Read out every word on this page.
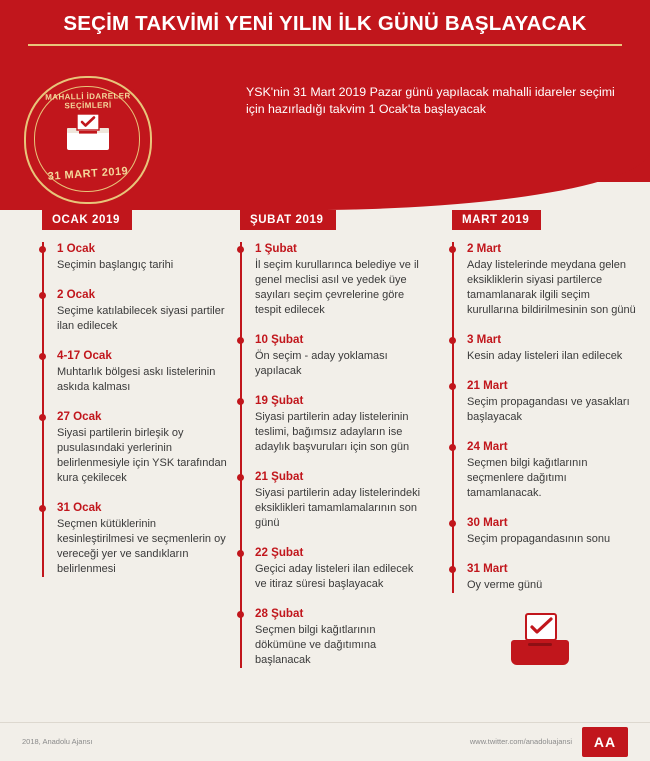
SEÇİM TAKVİMİ YENİ YILIN İLK GÜNÜ BAŞLAYACAK
YSK'nin 31 Mart 2019 Pazar günü yapılacak mahalli idareler seçimi için hazırladığı takvim 1 Ocak'ta başlayacak
MAHALLİ İDARELER SEÇİMLERİ
31 MART 2019
OCAK 2019
1 Ocak
Seçimin başlangıç tarihi
2 Ocak
Seçime katılabilecek siyasi partiler ilan edilecek
4-17 Ocak
Muhtarlık bölgesi askı listelerinin askıda kalması
27 Ocak
Siyasi partilerin birleşik oy pusulasındaki yerlerinin belirlenmesiyle için YSK tarafından kura çekilecek
31 Ocak
Seçmen kütüklerinin kesinleştirilmesi ve seçmenlerin oy vereceği yer ve sandıkların belirlenmesi
ŞUBAT 2019
1 Şubat
İl seçim kurullarınca belediye ve il genel meclisi asıl ve yedek üye sayıları seçim çevrelerine göre tespit edilecek
10 Şubat
Ön seçim - aday yoklaması yapılacak
19 Şubat
Siyasi partilerin aday listelerinin teslimi, bağımsız adayların ise adaylık başvuruları için son gün
21 Şubat
Siyasi partilerin aday listelerindeki eksiklikleri tamamlamalarının son günü
22 Şubat
Geçici aday listeleri ilan edilecek ve itiraz süresi başlayacak
28 Şubat
Seçmen bilgi kağıtlarının dökümüne ve dağıtımına başlanacak
MART 2019
2 Mart
Aday listelerinde meydana gelen eksikliklerin siyasi partilerce tamamlanarak ilgili seçim kurullarına bildirilmesinin son günü
3 Mart
Kesin aday listeleri ilan edilecek
21 Mart
Seçim propagandası ve yasakları başlayacak
24 Mart
Seçmen bilgi kağıtlarının seçmenlere dağıtımı tamamlanacak.
30 Mart
Seçim propagandasının sonu
31 Mart
Oy verme günü
2018, Anadolu Ajansı	www.twitter.com/anadoluajansi	AA
